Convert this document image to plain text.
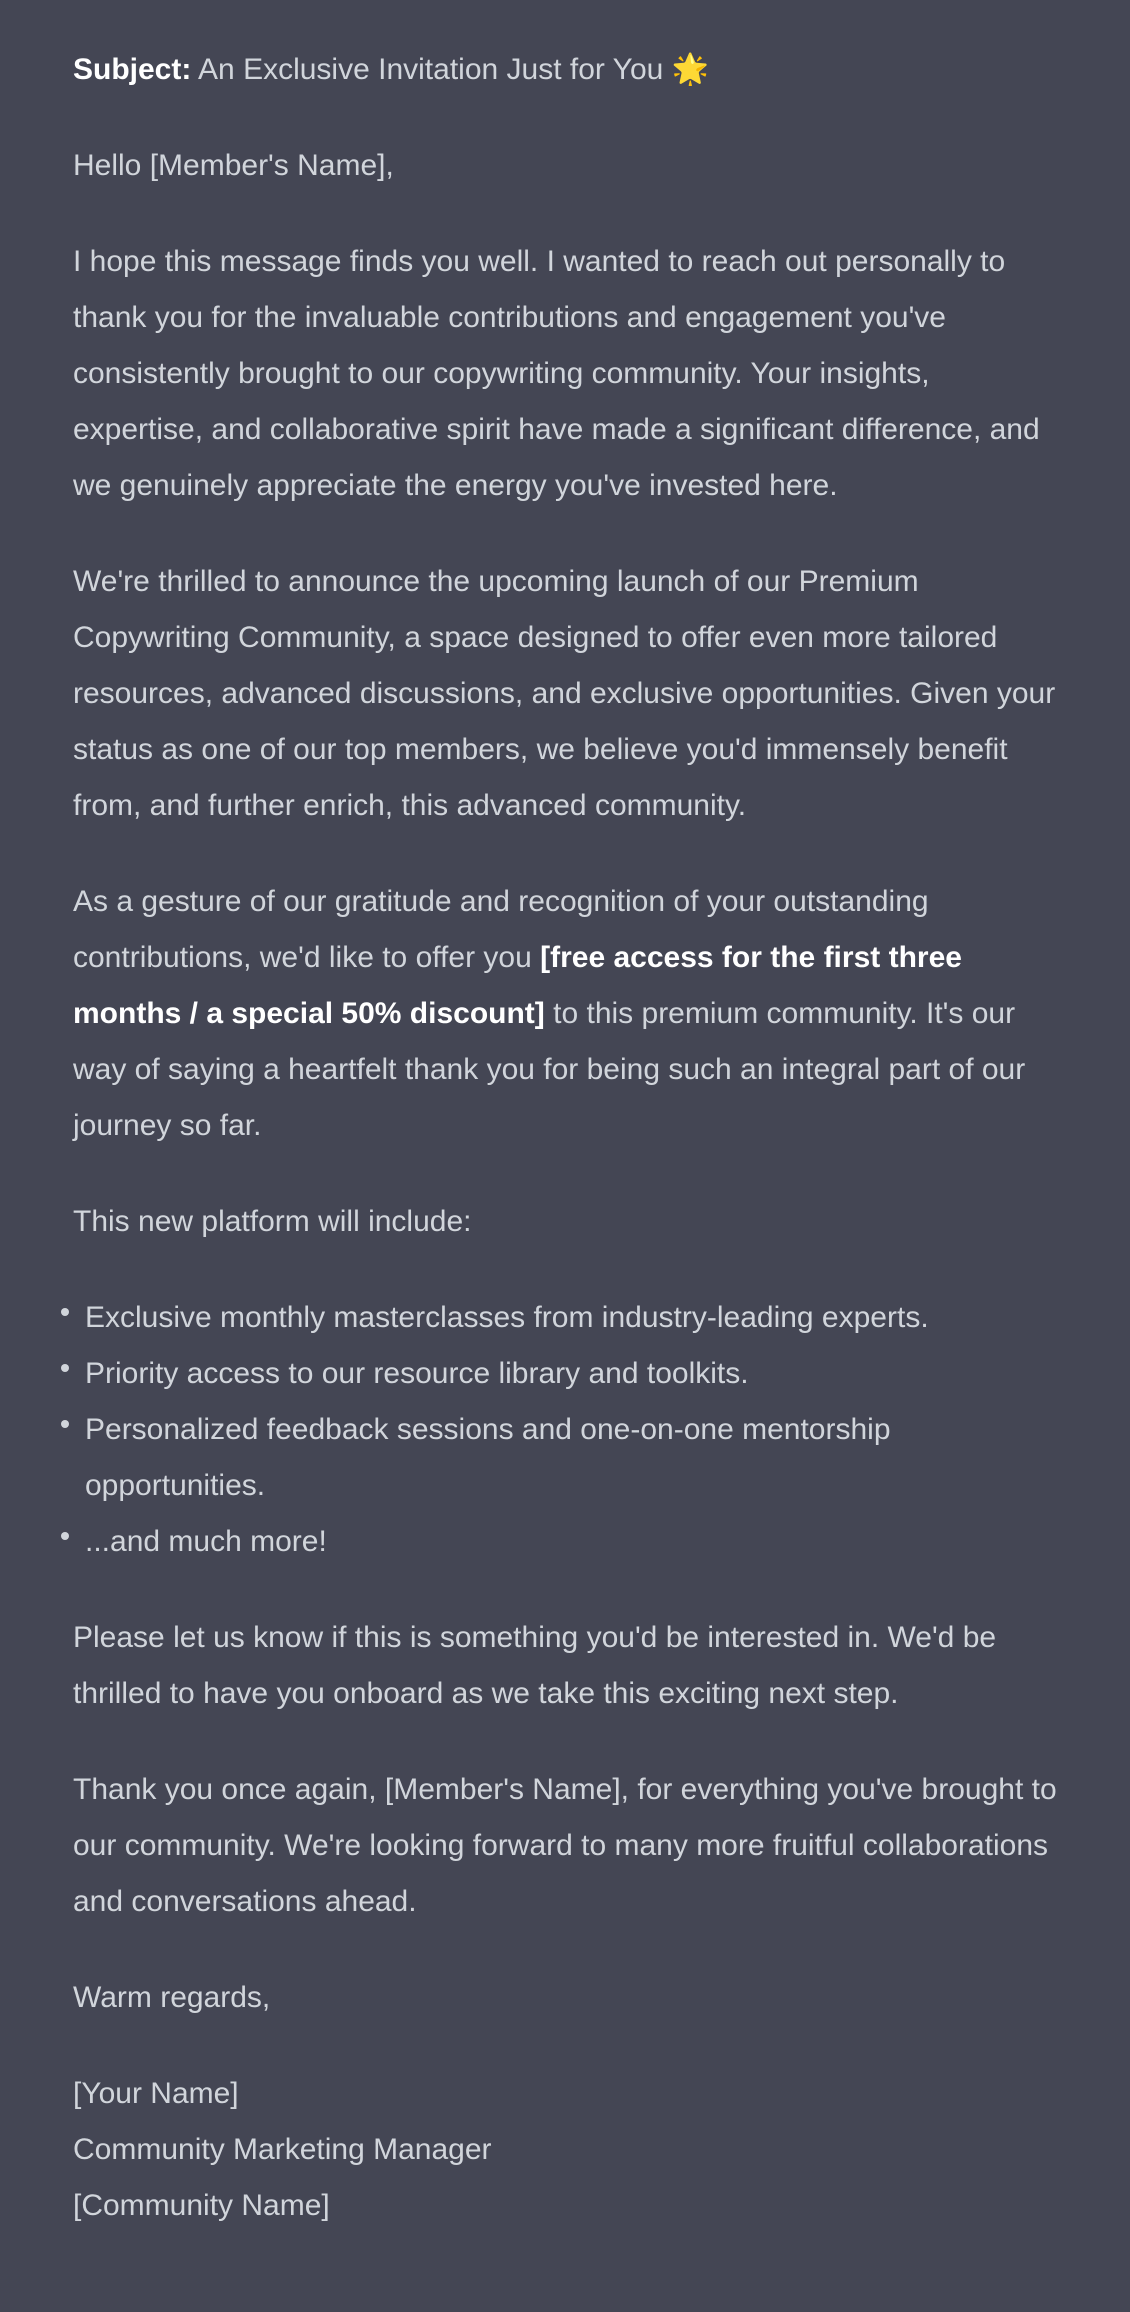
Subject: An Exclusive Invitation Just for You 🌟

Hello [Member's Name],

I hope this message finds you well. I wanted to reach out personally to thank you for the invaluable contributions and engagement you've consistently brought to our copywriting community. Your insights, expertise, and collaborative spirit have made a significant difference, and we genuinely appreciate the energy you've invested here.

We're thrilled to announce the upcoming launch of our Premium Copywriting Community, a space designed to offer even more tailored resources, advanced discussions, and exclusive opportunities. Given your status as one of our top members, we believe you'd immensely benefit from, and further enrich, this advanced community.

As a gesture of our gratitude and recognition of your outstanding contributions, we'd like to offer you [free access for the first three months / a special 50% discount] to this premium community. It's our way of saying a heartfelt thank you for being such an integral part of our journey so far.

This new platform will include:

Exclusive monthly masterclasses from industry-leading experts.
Priority access to our resource library and toolkits.
Personalized feedback sessions and one-on-one mentorship opportunities.
...and much more!

Please let us know if this is something you'd be interested in. We'd be thrilled to have you onboard as we take this exciting next step.

Thank you once again, [Member's Name], for everything you've brought to our community. We're looking forward to many more fruitful collaborations and conversations ahead.

Warm regards,

[Your Name]
Community Marketing Manager
[Community Name]
